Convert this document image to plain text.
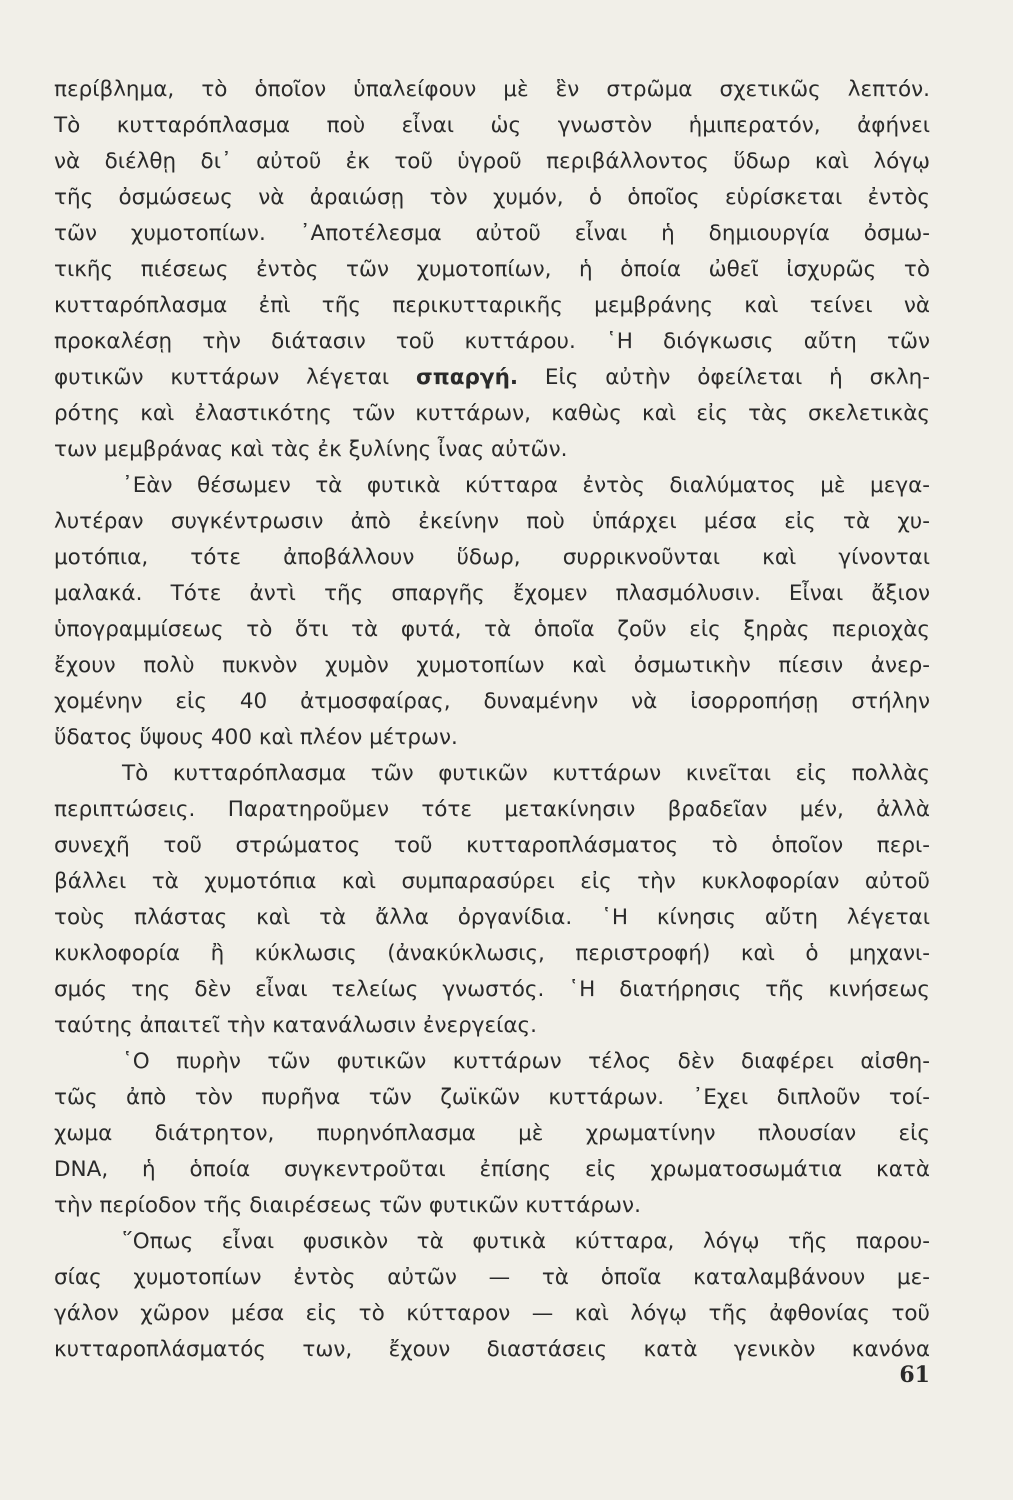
περίβλημα, τὸ ὁποῖον ὑπαλείφουν μὲ ἓν στρῶμα σχετικῶς λεπτόν.
Τὸ κυτταρόπλασμα ποὺ εἶναι ὡς γνωστὸν ἡμιπερατόν, ἀφήνει
νὰ διέλθῃ δι᾽ αὐτοῦ ἐκ τοῦ ὑγροῦ περιβάλλοντος ὕδωρ καὶ λόγῳ
τῆς ὀσμώσεως νὰ ἀραιώσῃ τὸν χυμόν, ὁ ὁποῖος εὑρίσκεται ἐντὸς
τῶν χυμοτοπίων. ᾿Αποτέλεσμα αὐτοῦ εἶναι ἡ δημιουργία ὀσμω-
τικῆς πιέσεως ἐντὸς τῶν χυμοτοπίων, ἡ ὁποία ὠθεῖ ἰσχυρῶς τὸ
κυτταρόπλασμα ἐπὶ τῆς περικυτταρικῆς μεμβράνης καὶ τείνει νὰ
προκαλέσῃ τὴν διάτασιν τοῦ κυττάρου. ῾Η διόγκωσις αὔτη τῶν
φυτικῶν κυττάρων λέγεται σπαργή. Εἰς αὐτὴν ὀφείλεται ἡ σκλη-
ρότης καὶ ἐλαστικότης τῶν κυττάρων, καθὼς καὶ εἰς τὰς σκελετικὰς
των μεμβράνας καὶ τὰς ἐκ ξυλίνης ἶνας αὐτῶν.
᾿Εὰν θέσωμεν τὰ φυτικὰ κύτταρα ἐντὸς διαλύματος μὲ μεγα-
λυτέραν συγκέντρωσιν ἀπὸ ἐκείνην ποὺ ὑπάρχει μέσα εἰς τὰ χυ-
μοτόπια, τότε ἀποβάλλουν ὕδωρ, συρρικνοῦνται καὶ γίνονται
μαλακά. Τότε ἀντὶ τῆς σπαργῆς ἔχομεν πλασμόλυσιν. Εἶναι ἄξιον
ὑπογραμμίσεως τὸ ὅτι τὰ φυτά, τὰ ὁποῖα ζοῦν εἰς ξηρὰς περιοχὰς
ἔχουν πολὺ πυκνὸν χυμὸν χυμοτοπίων καὶ ὀσμωτικὴν πίεσιν ἀνερ-
χομένην εἰς 40 ἀτμοσφαίρας, δυναμένην νὰ ἰσορροπήσῃ στήλην
ὕδατος ὕψους 400 καὶ πλέον μέτρων.
Τὸ κυτταρόπλασμα τῶν φυτικῶν κυττάρων κινεῖται εἰς πολλὰς
περιπτώσεις. Παρατηροῦμεν τότε μετακίνησιν βραδεῖαν μέν, ἀλλὰ
συνεχῆ τοῦ στρώματος τοῦ κυτταροπλάσματος τὸ ὁποῖον περι-
βάλλει τὰ χυμοτόπια καὶ συμπαρασύρει εἰς τὴν κυκλοφορίαν αὐτοῦ
τοὺς πλάστας καὶ τὰ ἄλλα ὀργανίδια. ῾Η κίνησις αὔτη λέγεται
κυκλοφορία ἢ κύκλωσις (ἀνακύκλωσις, περιστροφή) καὶ ὁ μηχανι-
σμός της δὲν εἶναι τελείως γνωστός. ῾Η διατήρησις τῆς κινήσεως
ταύτης ἀπαιτεῖ τὴν κατανάλωσιν ἐνεργείας.
῾Ο πυρὴν τῶν φυτικῶν κυττάρων τέλος δὲν διαφέρει αἰσθη-
τῶς ἀπὸ τὸν πυρῆνα τῶν ζωϊκῶν κυττάρων. ᾿Εχει διπλοῦν τοί-
χωμα διάτρητον, πυρηνόπλασμα μὲ χρωματίνην πλουσίαν εἰς
DNA, ἡ ὁποία συγκεντροῦται ἐπίσης εἰς χρωματοσωμάτια κατὰ
τὴν περίοδον τῆς διαιρέσεως τῶν φυτικῶν κυττάρων.
῞Οπως εἶναι φυσικὸν τὰ φυτικὰ κύτταρα, λόγῳ τῆς παρου-
σίας χυμοτοπίων ἐντὸς αὐτῶν — τὰ ὁποῖα καταλαμβάνουν με-
γάλον χῶρον μέσα εἰς τὸ κύτταρον — καὶ λόγῳ τῆς ἀφθονίας τοῦ
κυτταροπλάσματός των, ἔχουν διαστάσεις κατὰ γενικὸν κανόνα
61
